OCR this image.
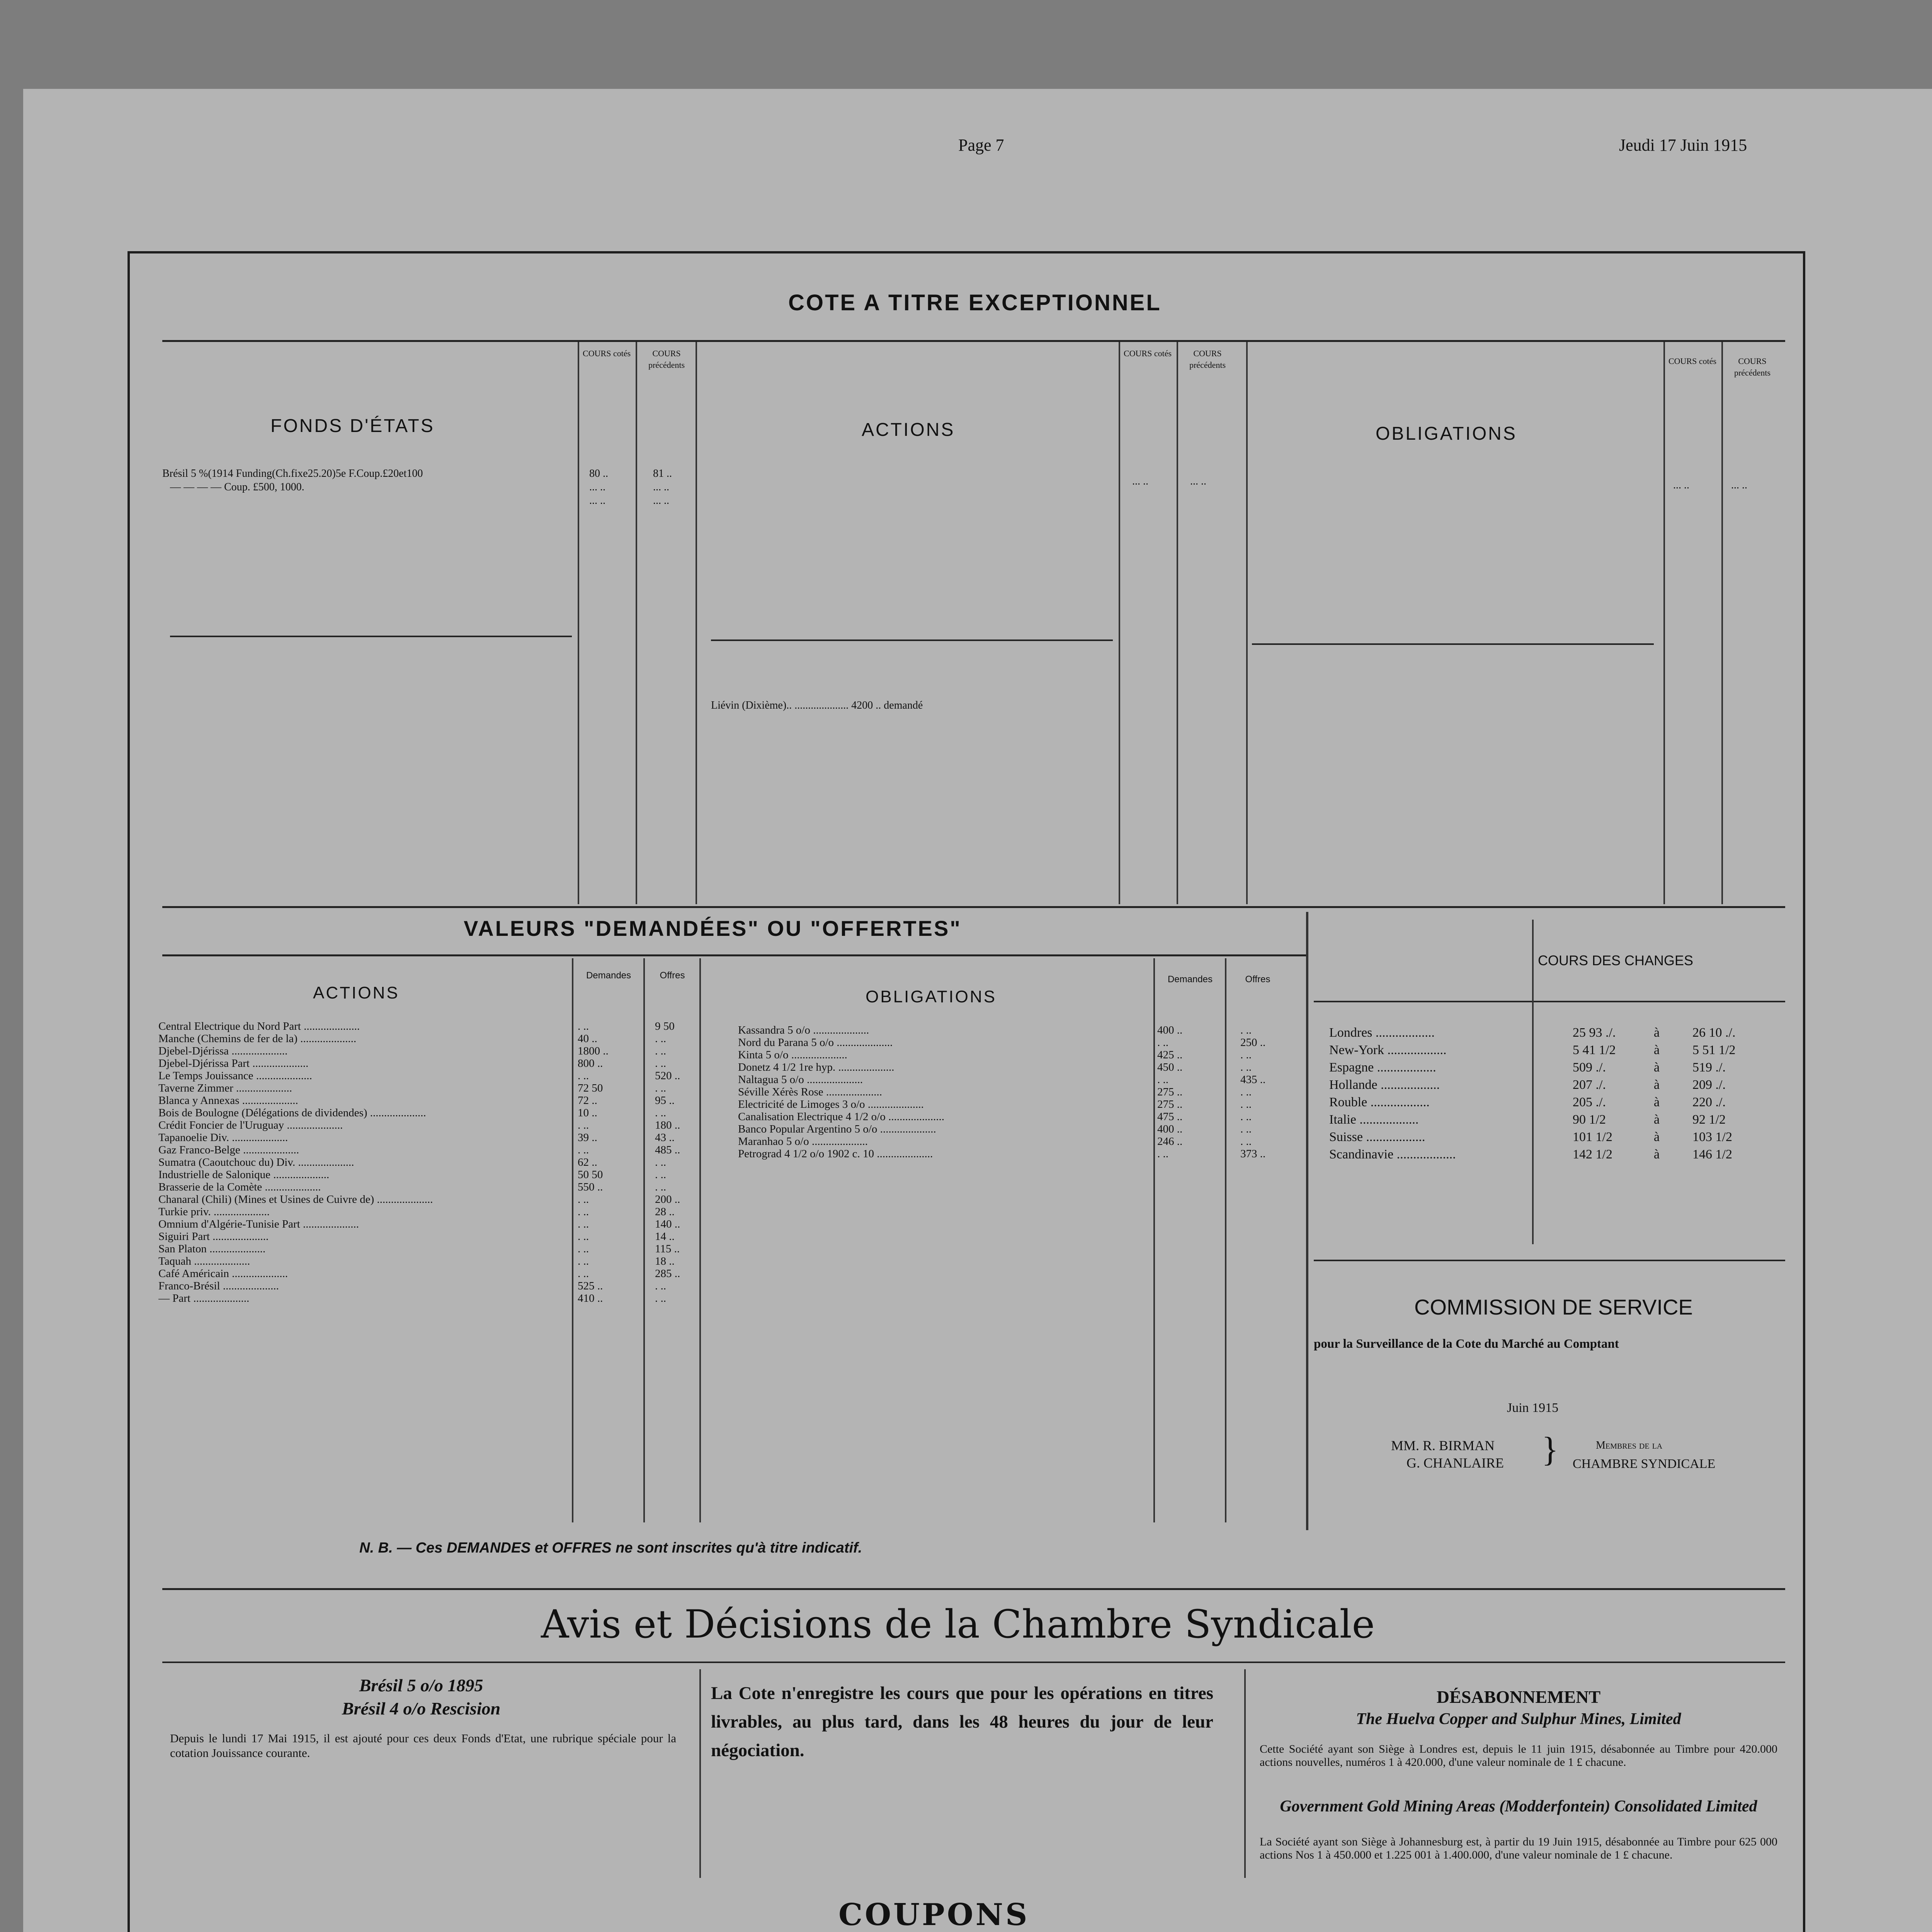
Page 7	Jeudi 17 Juin 1915
COTE A TITRE EXCEPTIONNEL
COURS cotés	COURS précédents
COURS cotés	COURS précédents	COURS cotés	COURS précédents
FONDS D'ÉTATS	ACTIONS	OBLIGATIONS
Brésil 5 %(1914 Funding(Ch.fixe25.20)5e F.Coup.£20et100	80 ..	81 ..
— — — — Coup. £500, 1000.	... ..	... ..
... ..	... ..
... ..	... ..	... ..	... ..
Liévin (Dixième).. .................... 4200 .. demandé
VALEURS "DEMANDÉES" OU "OFFERTES"
Demandes	Offres	Demandes	Offres
ACTIONS	OBLIGATIONS
Central Electrique du Nord Part ....................	. ..	9 50
Manche (Chemins de fer de la) ....................	40 ..	. ..
Djebel-Djérissa ....................	1800 ..	. ..
Djebel-Djérissa Part ....................	800 ..	. ..
Le Temps Jouissance ....................	. ..	520 ..
Taverne Zimmer ....................	72 50	. ..
Blanca y Annexas ....................	72 ..	95 ..
Bois de Boulogne (Délégations de dividendes) ....................	10 ..	. ..
Crédit Foncier de l'Uruguay ....................	. ..	180 ..
Tapanoelie Div. ....................	39 ..	43 ..
Gaz Franco-Belge ....................	. ..	485 ..
Sumatra (Caoutchouc du) Div. ....................	62 ..	. ..
Industrielle de Salonique ....................	50 50	. ..
Brasserie de la Comète ....................	550 ..	. ..
Chanaral (Chili) (Mines et Usines de Cuivre de) ....................	. ..	200 ..
Turkie priv. ....................	. ..	28 ..
Omnium d'Algérie-Tunisie Part ....................	. ..	140 ..
Siguiri Part ....................	. ..	14 ..
San Platon ....................	. ..	115 ..
Taquah ....................	. ..	18 ..
Café Américain ....................	. ..	285 ..
Franco-Brésil ....................	525 ..	. ..
— Part ....................	410 ..	. ..
Kassandra 5 o/o ....................	400 ..	. ..
Nord du Parana 5 o/o ....................	. ..	250 ..
Kinta 5 o/o ....................	425 ..	. ..
Donetz 4 1/2 1re hyp. ....................	450 ..	. ..
Naltagua 5 o/o ....................	. ..	435 ..
Séville Xérès Rose ....................	275 ..	. ..
Electricité de Limoges 3 o/o ....................	275 ..	. ..
Canalisation Electrique 4 1/2 o/o ....................	475 ..	. ..
Banco Popular Argentino 5 o/o ....................	400 ..	. ..
Maranhao 5 o/o ....................	246 ..	. ..
Petrograd 4 1/2 o/o 1902 c. 10 ....................	. ..	373 ..
N. B. — Ces DEMANDES et OFFRES ne sont inscrites qu'à titre indicatif.
COURS DES CHANGES
Londres ..................	25 93 ./.	à 26 10 ./.
New-York ..................	5 41 1/2	à 5 51 1/2
Espagne ..................	509 ./.	à 519 ./.
Hollande ..................	207 ./.	à 209 ./.
Rouble ..................	205 ./.	à 220 ./.
Italie ..................	90 1/2	à 92 1/2
Suisse ..................	101 1/2	à 103 1/2
Scandinavie ..................	142 1/2	à 146 1/2
COMMISSION DE SERVICE
pour la Surveillance de la Cote du Marché au Comptant
Juin 1915
MM. R. BIRMAN
G. CHANLAIRE }	Membres de la
CHAMBRE SYNDICALE
Avis et Décisions de la Chambre Syndicale
Brésil 5 o/o 1895
Brésil 4 o/o Rescision
Depuis le lundi 17 Mai 1915, il est ajouté pour ces deux Fonds d'Etat, une rubrique spéciale pour la cotation Jouissance courante.
La Cote n'enregistre les cours que pour les opérations en titres livrables, au plus tard, dans les 48 heures du jour de leur négociation.
DÉSABONNEMENT
The Huelva Copper and Sulphur Mines, Limited
Cette Société ayant son Siège à Londres est, depuis le 11 juin 1915, désabonnée au Timbre pour 420.000 actions nouvelles, numéros 1 à 420.000, d'une valeur nominale de 1 £ chacune.
Government Gold Mining Areas (Modderfontein) Consolidated Limited
La Société ayant son Siège à Johannesburg est, à partir du 19 Juin 1915, désabonnée au Timbre pour 625 000 actions Nos 1 à 450.000 et 1.225 001 à 1.400.000, d'une valeur nominale de 1 £ chacune.
COUPONS
